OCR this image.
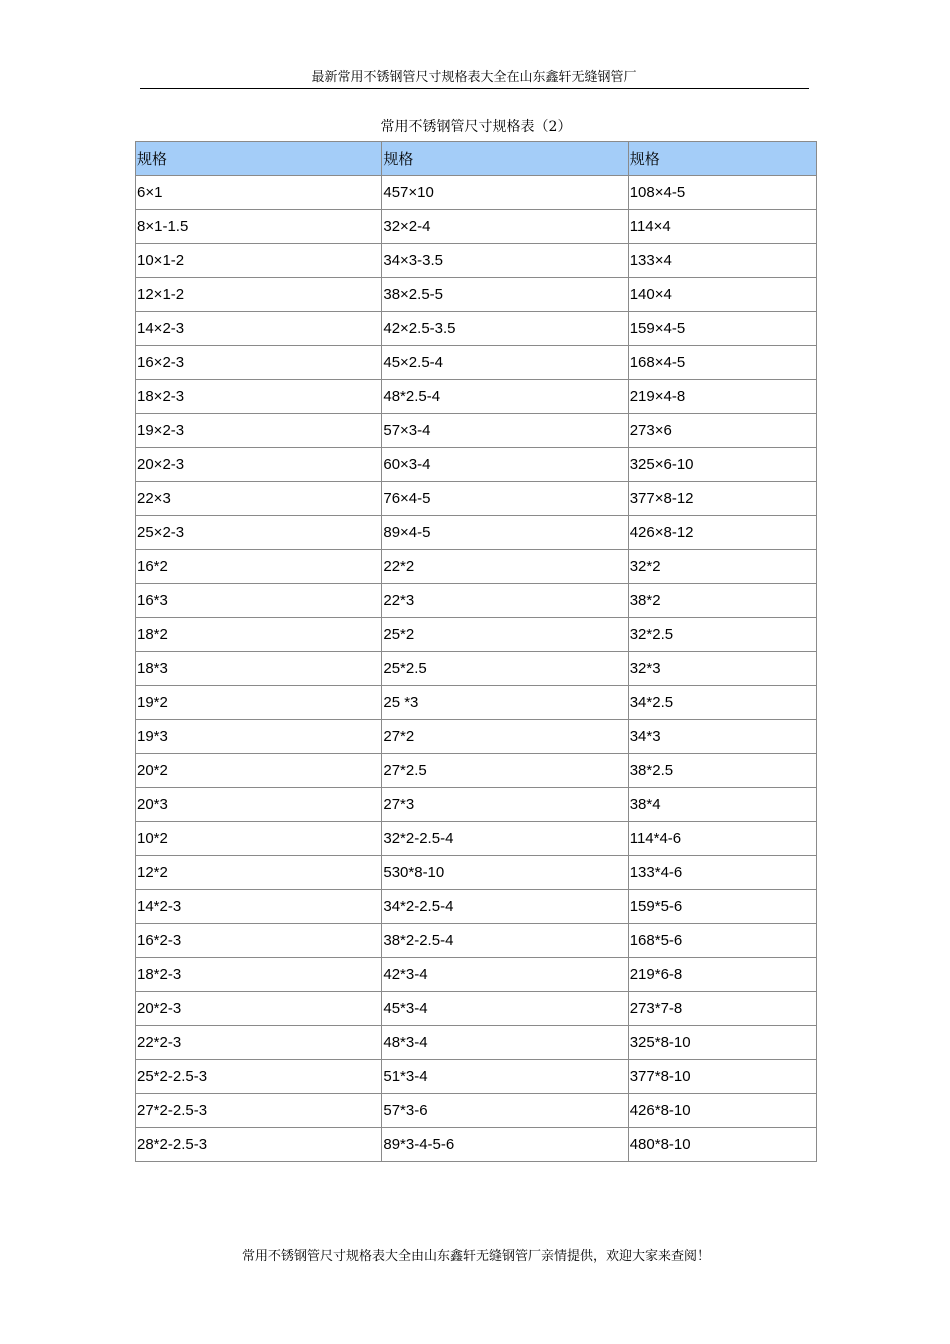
最新常用不锈钢管尺寸规格表大全在山东鑫轩无缝钢管厂
常用不锈钢管尺寸规格表（2）
规格	规格	规格
6×1	457×10	108×4-5
8×1-1.5	32×2-4	114×4
10×1-2	34×3-3.5	133×4
12×1-2	38×2.5-5	140×4
14×2-3	42×2.5-3.5	159×4-5
16×2-3	45×2.5-4	168×4-5
18×2-3	48*2.5-4	219×4-8
19×2-3	57×3-4	273×6
20×2-3	60×3-4	325×6-10
22×3	76×4-5	377×8-12
25×2-3	89×4-5	426×8-12
16*2	22*2	32*2
16*3	22*3	38*2
18*2	25*2	32*2.5
18*3	25*2.5	32*3
19*2	25 *3	34*2.5
19*3	27*2	34*3
20*2	27*2.5	38*2.5
20*3	27*3	38*4
10*2	32*2-2.5-4	114*4-6
12*2	530*8-10	133*4-6
14*2-3	34*2-2.5-4	159*5-6
16*2-3	38*2-2.5-4	168*5-6
18*2-3	42*3-4	219*6-8
20*2-3	45*3-4	273*7-8
22*2-3	48*3-4	325*8-10
25*2-2.5-3	51*3-4	377*8-10
27*2-2.5-3	57*3-6	426*8-10
28*2-2.5-3	89*3-4-5-6	480*8-10
常用不锈钢管尺寸规格表大全由山东鑫轩无缝钢管厂亲情提供，欢迎大家来查阅！
